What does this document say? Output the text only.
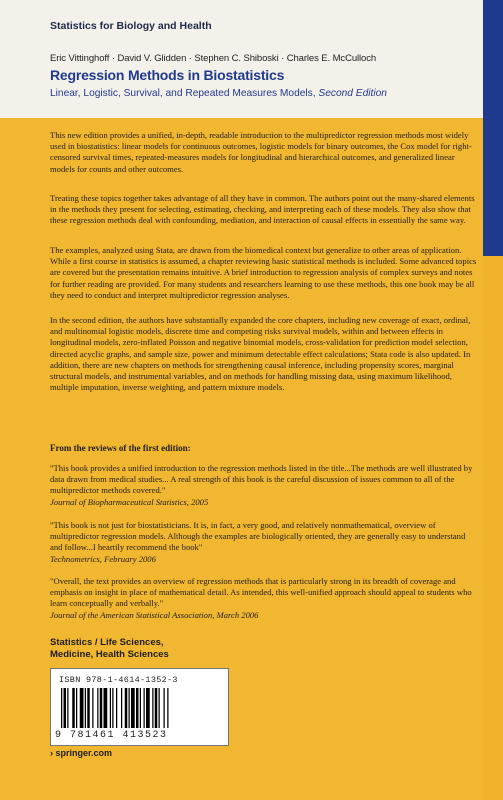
Statistics for Biology and Health
Eric Vittinghoff · David V. Glidden · Stephen C. Shiboski · Charles E. McCulloch
Regression Methods in Biostatistics
Linear, Logistic, Survival, and Repeated Measures Models, Second Edition

This new edition provides a unified, in-depth, readable introduction to the multipredictor regression methods most widely used in biostatistics: linear models for continuous outcomes, logistic models for binary outcomes, the Cox model for right-censored survival times, repeated-measures models for longitudinal and hierarchical outcomes, and generalized linear models for counts and other outcomes.

Treating these topics together takes advantage of all they have in common. The authors point out the many-shared elements in the methods they present for selecting, estimating, checking, and interpreting each of these models. They also show that these regression methods deal with confounding, mediation, and interaction of causal effects in essentially the same way.

The examples, analyzed using Stata, are drawn from the biomedical context but generalize to other areas of application. While a first course in statistics is assumed, a chapter reviewing basic statistical methods is included. Some advanced topics are covered but the presentation remains intuitive. A brief introduction to regression analysis of complex surveys and notes for further reading are provided. For many students and researchers learning to use these methods, this one book may be all they need to conduct and interpret multipredictor regression analyses.

In the second edition, the authors have substantially expanded the core chapters, including new coverage of exact, ordinal, and multinomial logistic models, discrete time and competing risks survival models, within and between effects in longitudinal models, zero-inflated Poisson and negative binomial models, cross-validation for prediction model selection, directed acyclic graphs, and sample size, power and minimum detectable effect calculations; Stata code is also updated. In addition, there are new chapters on methods for strengthening causal inference, including propensity scores, marginal structural models, and instrumental variables, and on methods for handling missing data, using maximum likelihood, multiple imputation, inverse weighting, and pattern mixture models.

From the reviews of the first edition:
"This book provides a unified introduction to the regression methods listed in the title...The methods are well illustrated by data drawn from medical studies... A real strength of this book is the careful discussion of issues common to all of the multipredictor methods covered."
Journal of Biopharmaceutical Statistics, 2005
"This book is not just for biostatisticians. It is, in fact, a very good, and relatively nonmathematical, overview of multipredictor regression models. Although the examples are biologically oriented, they are generally easy to understand and follow...I heartily recommend the book"
Technometrics, February 2006
"Overall, the text provides an overview of regression methods that is particularly strong in its breadth of coverage and emphasis on insight in place of mathematical detail. As intended, this well-unified approach should appeal to students who learn conceptually and verbally."
Journal of the American Statistical Association, March 2006
Statistics / Life Sciences,
Medicine, Health Sciences
ISBN 978-1-4614-1352-3
9 781461 413523
› springer.com
